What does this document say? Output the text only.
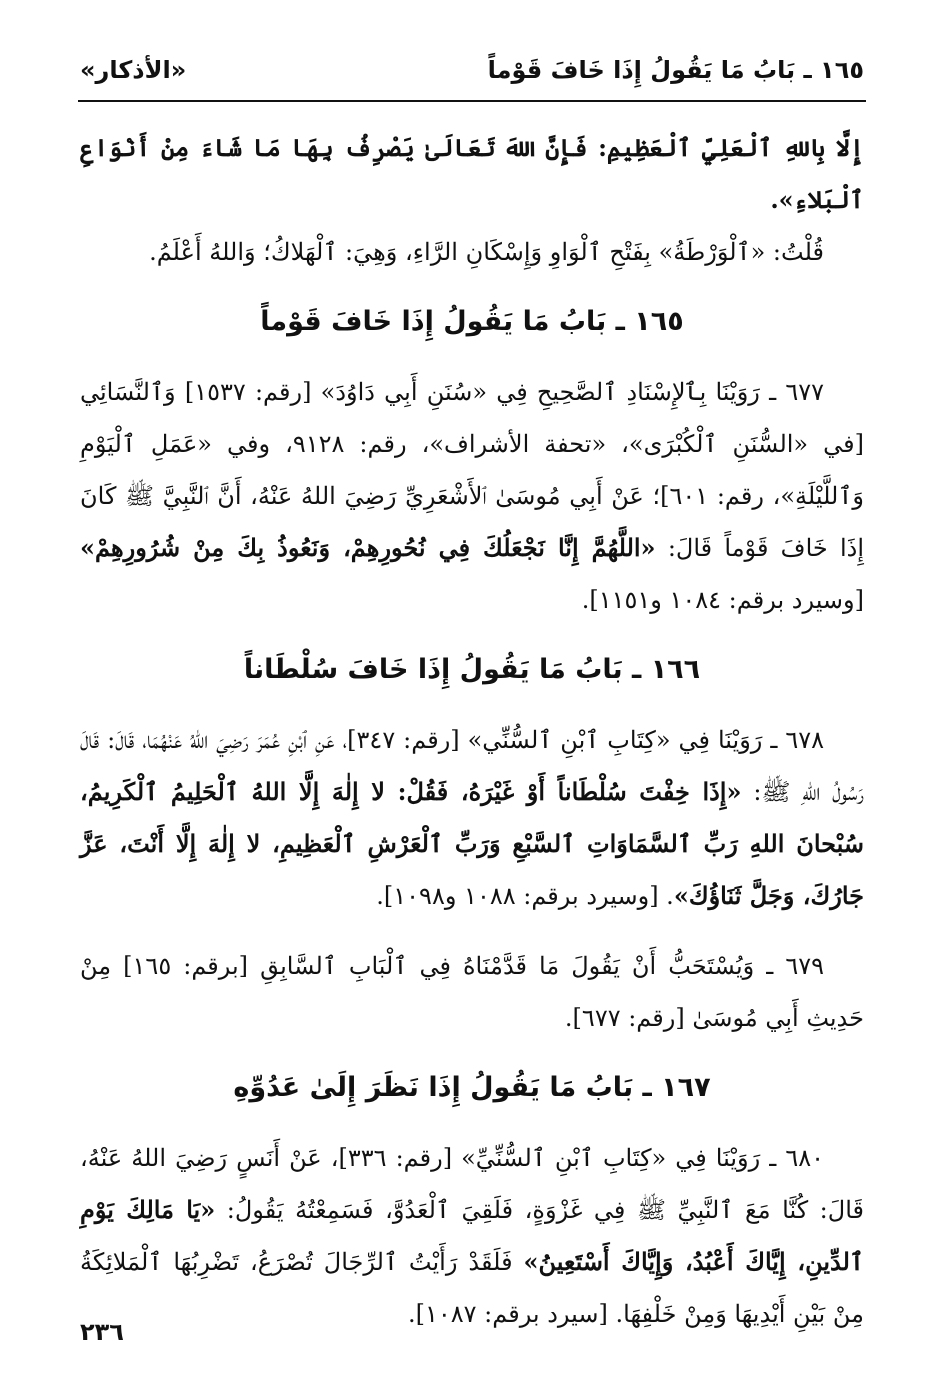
١٦٥ ـ بَابُ مَا يَقُولُ إِذَا خَافَ قَوْماً
«الأذكار»

إِلَّا بِاللهِ ٱلْعَلِيِّ ٱلْعَظِيمِ: فَإِنَّ اللهَ تَعَالَىٰ يَصْرِفُ بِهَا مَا شَاءَ مِنْ أَنْوَاعِ ٱلْبَلاءِ».

قُلْتُ: «ٱلْوَرْطَةُ» بِفَتْحِ ٱلْوَاوِ وَإِسْكَانِ الرَّاءِ، وَهِيَ: ٱلْهَلاكُ؛ وَاللهُ أَعْلَمُ.

١٦٥ ـ بَابُ مَا يَقُولُ إِذَا خَافَ قَوْماً

٦٧٧ ـ رَوَيْنَا بِٱلإِسْنَادِ ٱلصَّحِيحِ فِي «سُنَنِ أَبِي دَاوُدَ» [رقم: ١٥٣٧] وَٱلنَّسَائِي [في «السُّنَنِ ٱلْكُبْرَى»، «تحفة الأشراف»، رقم: ٩١٢٨، وفي «عَمَلِ ٱلْيَوْمِ وَٱللَّيْلَةِ»، رقم: ٦٠١]؛ عَنْ أَبِي مُوسَىٰ ٱلأَشْعَرِيِّ رَضِيَ اللهُ عَنْهُ، أَنَّ ٱلنَّبِيَّ ﷺ كَانَ إِذَا خَافَ قَوْماً قَالَ: «اللَّهُمَّ إِنَّا نَجْعَلُكَ فِي نُحُورِهِمْ، وَنَعُوذُ بِكَ مِنْ شُرُورِهِمْ» [وسيرد برقم: ١٠٨٤ و١١٥١].

١٦٦ ـ بَابُ مَا يَقُولُ إِذَا خَافَ سُلْطَاناً

٦٧٨ ـ رَوَيْنَا فِي «كِتَابِ ٱبْنِ ٱلسُّنِّي» [رقم: ٣٤٧]، عَنِ ٱبْنِ عُمَرَ رَضِيَ اللهُ عَنْهُمَا، قَالَ: قَالَ رَسُولُ اللهِ ﷺ: «إِذَا خِفْتَ سُلْطَاناً أَوْ غَيْرَهُ، فَقُلْ: لا إِلٰهَ إِلَّا اللهُ ٱلْحَلِيمُ ٱلْكَرِيمُ، سُبْحانَ اللهِ رَبِّ ٱلسَّمَاوَاتِ ٱلسَّبْعِ وَرَبِّ ٱلْعَرْشِ ٱلْعَظِيمِ، لا إِلٰهَ إِلَّا أَنْتَ، عَزَّ جَارُكَ، وَجَلَّ ثَنَاؤُكَ». [وسيرد برقم: ١٠٨٨ و١٠٩٨].

٦٧٩ ـ وَيُسْتَحَبُّ أَنْ يَقُولَ مَا قَدَّمْنَاهُ فِي ٱلْبَابِ ٱلسَّابِقِ [برقم: ١٦٥] مِنْ حَدِيثِ أَبِي مُوسَىٰ [رقم: ٦٧٧].

١٦٧ ـ بَابُ مَا يَقُولُ إِذَا نَظَرَ إِلَىٰ عَدُوِّهِ

٦٨٠ ـ رَوَيْنَا فِي «كِتَابِ ٱبْنِ ٱلسُّنِّيِّ» [رقم: ٣٣٦]، عَنْ أَنَسٍ رَضِيَ اللهُ عَنْهُ، قَالَ: كُنَّا مَعَ ٱلنَّبِيِّ ﷺ فِي غَزْوَةٍ، فَلَقِيَ ٱلْعَدُوَّ، فَسَمِعْتُهُ يَقُولُ: «يَا مَالِكَ يَوْمِ ٱلدِّينِ، إِيَّاكَ أَعْبُدُ، وَإِيَّاكَ أَسْتَعِينُ» فَلَقَدْ رَأَيْتُ ٱلرِّجَالَ تُصْرَعُ، تَضْرِبُهَا ٱلْمَلائِكَةُ مِنْ بَيْنِ أَيْدِيهَا وَمِنْ خَلْفِهَا. [سيرد برقم: ١٠٨٧].

٢٣٦
